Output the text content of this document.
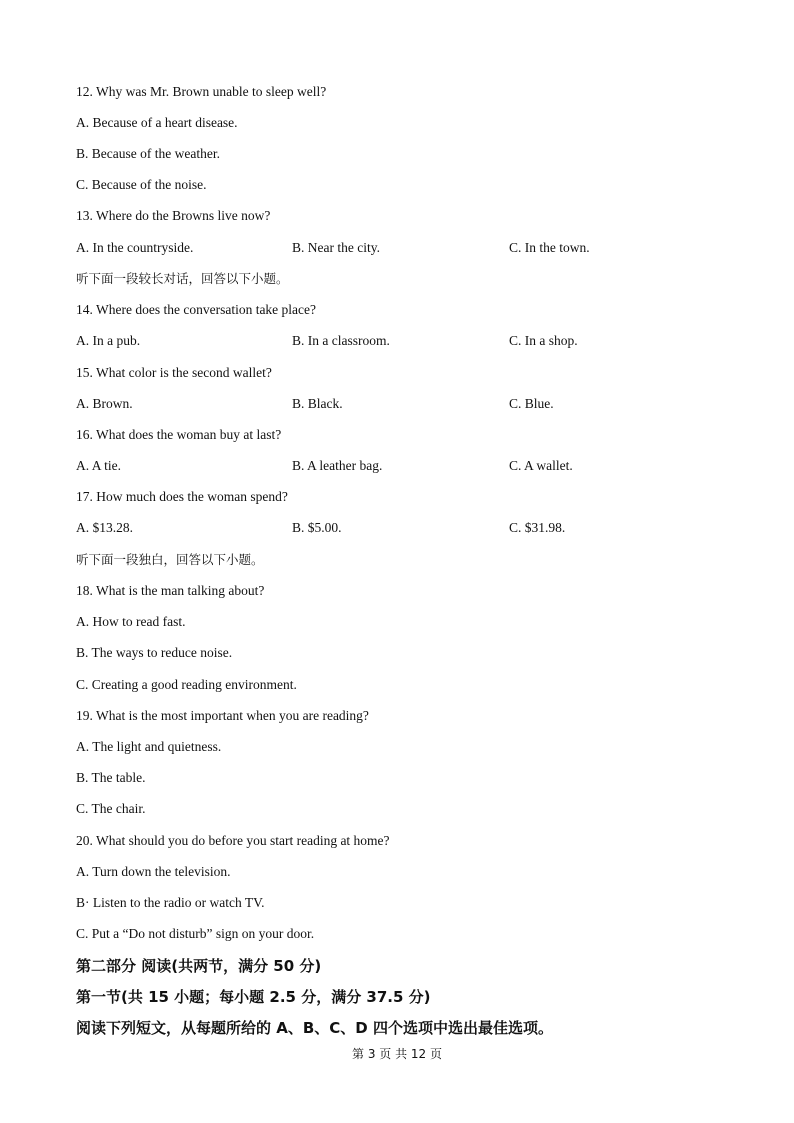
12. Why was Mr. Brown unable to sleep well?
A. Because of a heart disease.
B. Because of the weather.
C. Because of the noise.
13. Where do the Browns live now?
A. In the countryside.	B. Near the city.	C. In the town.
听下面一段较长对话，回答以下小题。
14. Where does the conversation take place?
A. In a pub.	B. In a classroom.	C. In a shop.
15. What color is the second wallet?
A. Brown.	B. Black.	C. Blue.
16. What does the woman buy at last?
A. A tie.	B. A leather bag.	C. A wallet.
17. How much does the woman spend?
A. $13.28.	B. $5.00.	C. $31.98.
听下面一段独白，回答以下小题。
18. What is the man talking about?
A. How to read fast.
B. The ways to reduce noise.
C. Creating a good reading environment.
19. What is the most important when you are reading?
A. The light and quietness.
B. The table.
C. The chair.
20. What should you do before you start reading at home?
A. Turn down the television.
B· Listen to the radio or watch TV.
C. Put a “Do not disturb” sign on your door.
第二部分 阅读(共两节，满分 50 分)
第一节(共 15 小题；每小题 2.5 分，满分 37.5 分)
阅读下列短文，从每题所给的 A、B、C、D 四个选项中选出最佳选项。
第 3 页 共 12 页
